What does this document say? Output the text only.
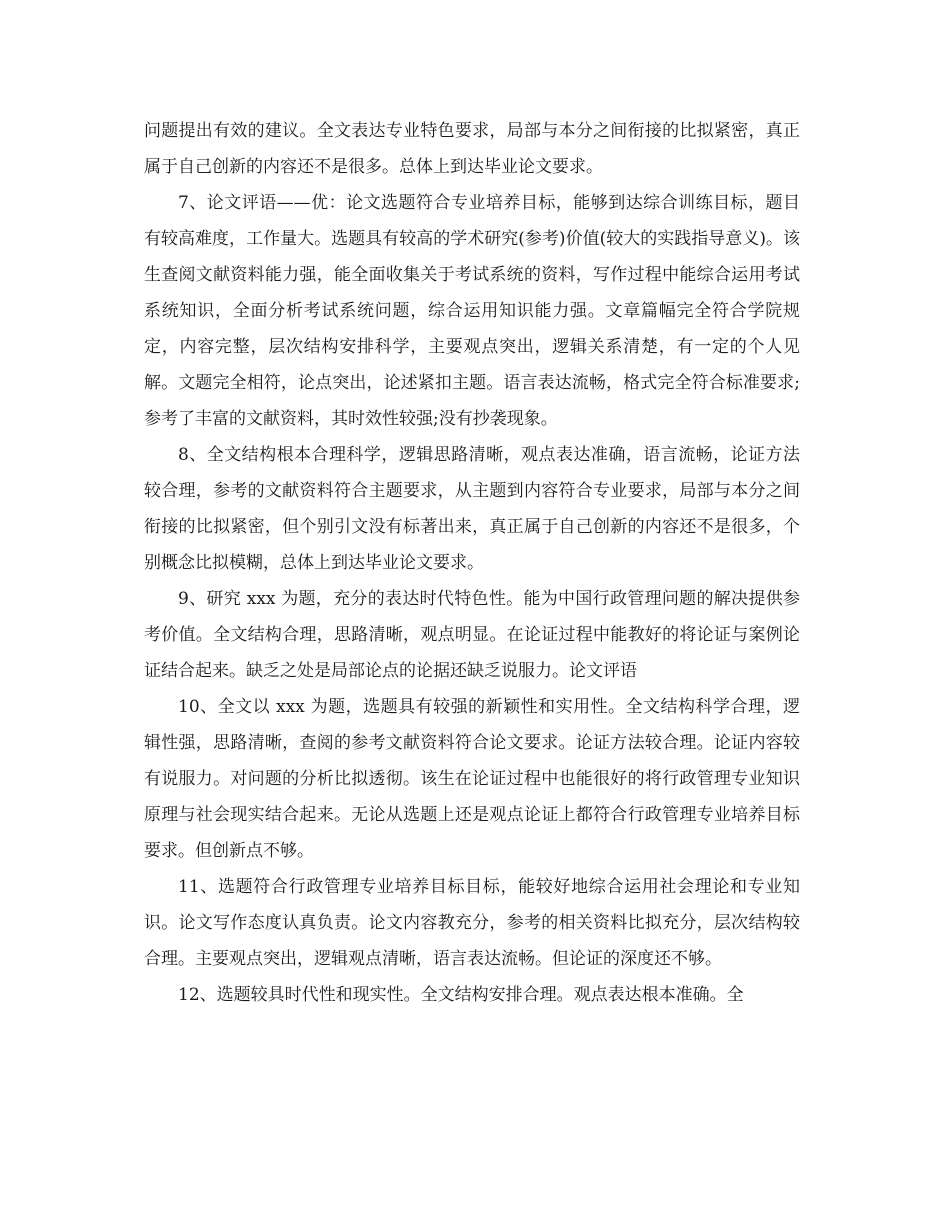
问题提出有效的建议。全文表达专业特色要求，局部与本分之间衔接的比拟紧密，真正属于自己创新的内容还不是很多。总体上到达毕业论文要求。

7、论文评语——优：论文选题符合专业培养目标，能够到达综合训练目标，题目有较高难度，工作量大。选题具有较高的学术研究(参考)价值(较大的实践指导意义)。该生查阅文献资料能力强，能全面收集关于考试系统的资料，写作过程中能综合运用考试系统知识，全面分析考试系统问题，综合运用知识能力强。文章篇幅完全符合学院规定，内容完整，层次结构安排科学，主要观点突出，逻辑关系清楚，有一定的个人见解。文题完全相符，论点突出，论述紧扣主题。语言表达流畅，格式完全符合标准要求;参考了丰富的文献资料，其时效性较强;没有抄袭现象。

8、全文结构根本合理科学，逻辑思路清晰，观点表达准确，语言流畅，论证方法较合理，参考的文献资料符合主题要求，从主题到内容符合专业要求，局部与本分之间衔接的比拟紧密，但个别引文没有标著出来，真正属于自己创新的内容还不是很多，个别概念比拟模糊，总体上到达毕业论文要求。

9、研究 xxx 为题，充分的表达时代特色性。能为中国行政管理问题的解决提供参考价值。全文结构合理，思路清晰，观点明显。在论证过程中能教好的将论证与案例论证结合起来。缺乏之处是局部论点的论据还缺乏说服力。论文评语

10、全文以 xxx 为题，选题具有较强的新颖性和实用性。全文结构科学合理，逻辑性强，思路清晰，查阅的参考文献资料符合论文要求。论证方法较合理。论证内容较有说服力。对问题的分析比拟透彻。该生在论证过程中也能很好的将行政管理专业知识原理与社会现实结合起来。无论从选题上还是观点论证上都符合行政管理专业培养目标要求。但创新点不够。

11、选题符合行政管理专业培养目标目标，能较好地综合运用社会理论和专业知识。论文写作态度认真负责。论文内容教充分，参考的相关资料比拟充分，层次结构较合理。主要观点突出，逻辑观点清晰，语言表达流畅。但论证的深度还不够。

12、选题较具时代性和现实性。全文结构安排合理。观点表达根本准确。全
